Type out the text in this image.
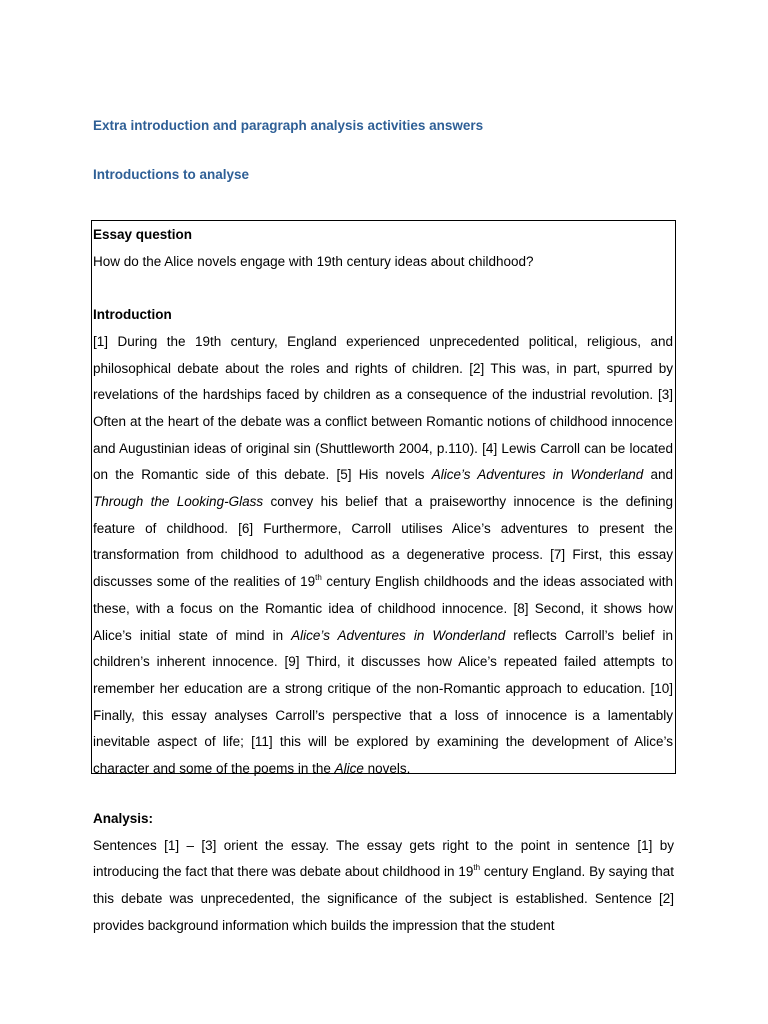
Extra introduction and paragraph analysis activities answers
Introductions to analyse

Essay question

How do the Alice novels engage with 19th century ideas about childhood?

Introduction

[1] During the 19th century, England experienced unprecedented political, religious, and philosophical debate about the roles and rights of children. [2] This was, in part, spurred by revelations of the hardships faced by children as a consequence of the industrial revolution. [3] Often at the heart of the debate was a conflict between Romantic notions of childhood innocence and Augustinian ideas of original sin (Shuttleworth 2004, p.110). [4] Lewis Carroll can be located on the Romantic side of this debate. [5] His novels Alice’s Adventures in Wonderland and Through the Looking-Glass convey his belief that a praiseworthy innocence is the defining feature of childhood. [6] Furthermore, Carroll utilises Alice’s adventures to present the transformation from childhood to adulthood as a degenerative process. [7] First, this essay discusses some of the realities of 19th century English childhoods and the ideas associated with these, with a focus on the Romantic idea of childhood innocence. [8] Second, it shows how Alice’s initial state of mind in Alice’s Adventures in Wonderland reflects Carroll’s belief in children’s inherent innocence. [9] Third, it discusses how Alice’s repeated failed attempts to remember her education are a strong critique of the non-Romantic approach to education. [10] Finally, this essay analyses Carroll’s perspective that a loss of innocence is a lamentably inevitable aspect of life; [11] this will be explored by examining the development of Alice’s character and some of the poems in the Alice novels.

Analysis:

Sentences [1] – [3] orient the essay. The essay gets right to the point in sentence [1] by introducing the fact that there was debate about childhood in 19th century England. By saying that this debate was unprecedented, the significance of the subject is established. Sentence [2] provides background information which builds the impression that the student
